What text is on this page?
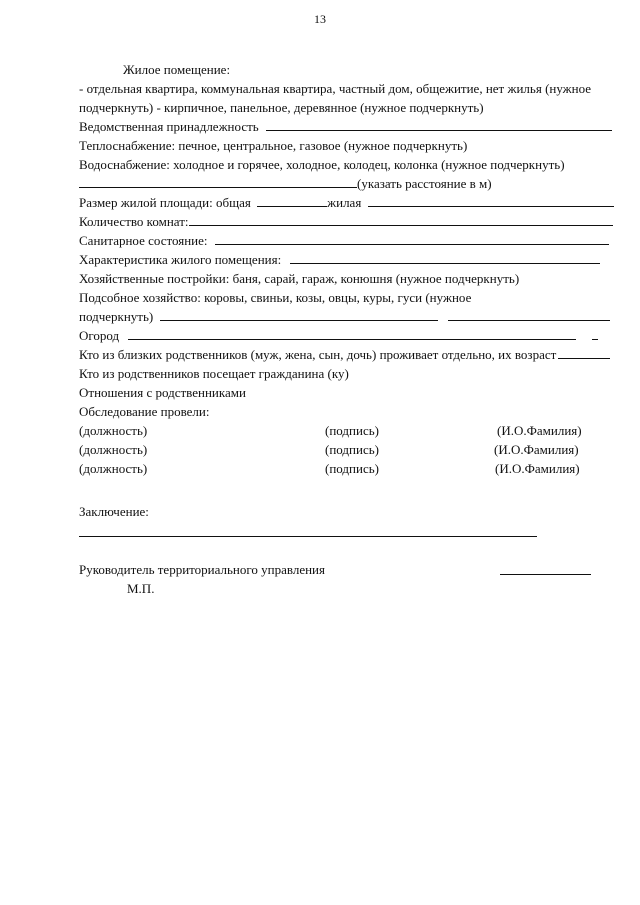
13
Жилое помещение:
- отдельная квартира, коммунальная квартира, частный дом, общежитие, нет жилья (нужное
подчеркнуть) - кирпичное, панельное, деревянное (нужное подчеркнуть)
Ведомственная принадлежность
Теплоснабжение: печное, центральное, газовое (нужное подчеркнуть)
Водоснабжение: холодное и горячее, холодное, колодец, колонка (нужное подчеркнуть)
(указать расстояние в м)
Размер жилой площади: общая	жилая
Количество комнат:
Санитарное состояние:
Характеристика жилого помещения:
Хозяйственные постройки: баня, сарай, гараж, конюшня (нужное подчеркнуть)
Подсобное хозяйство: коровы, свиньи, козы, овцы, куры, гуси (нужное
подчеркнуть)
Огород
Кто из близких родственников (муж, жена, сын, дочь) проживает отдельно, их возраст
Кто из родственников посещает гражданина (ку)
Отношения с родственниками
Обследование провели:
(должность)	(подпись)	(И.О.Фамилия)
(должность)	(подпись)	(И.О.Фамилия)
(должность)	(подпись)	(И.О.Фамилия)
Заключение:
Руководитель территориального управления
М.П.
